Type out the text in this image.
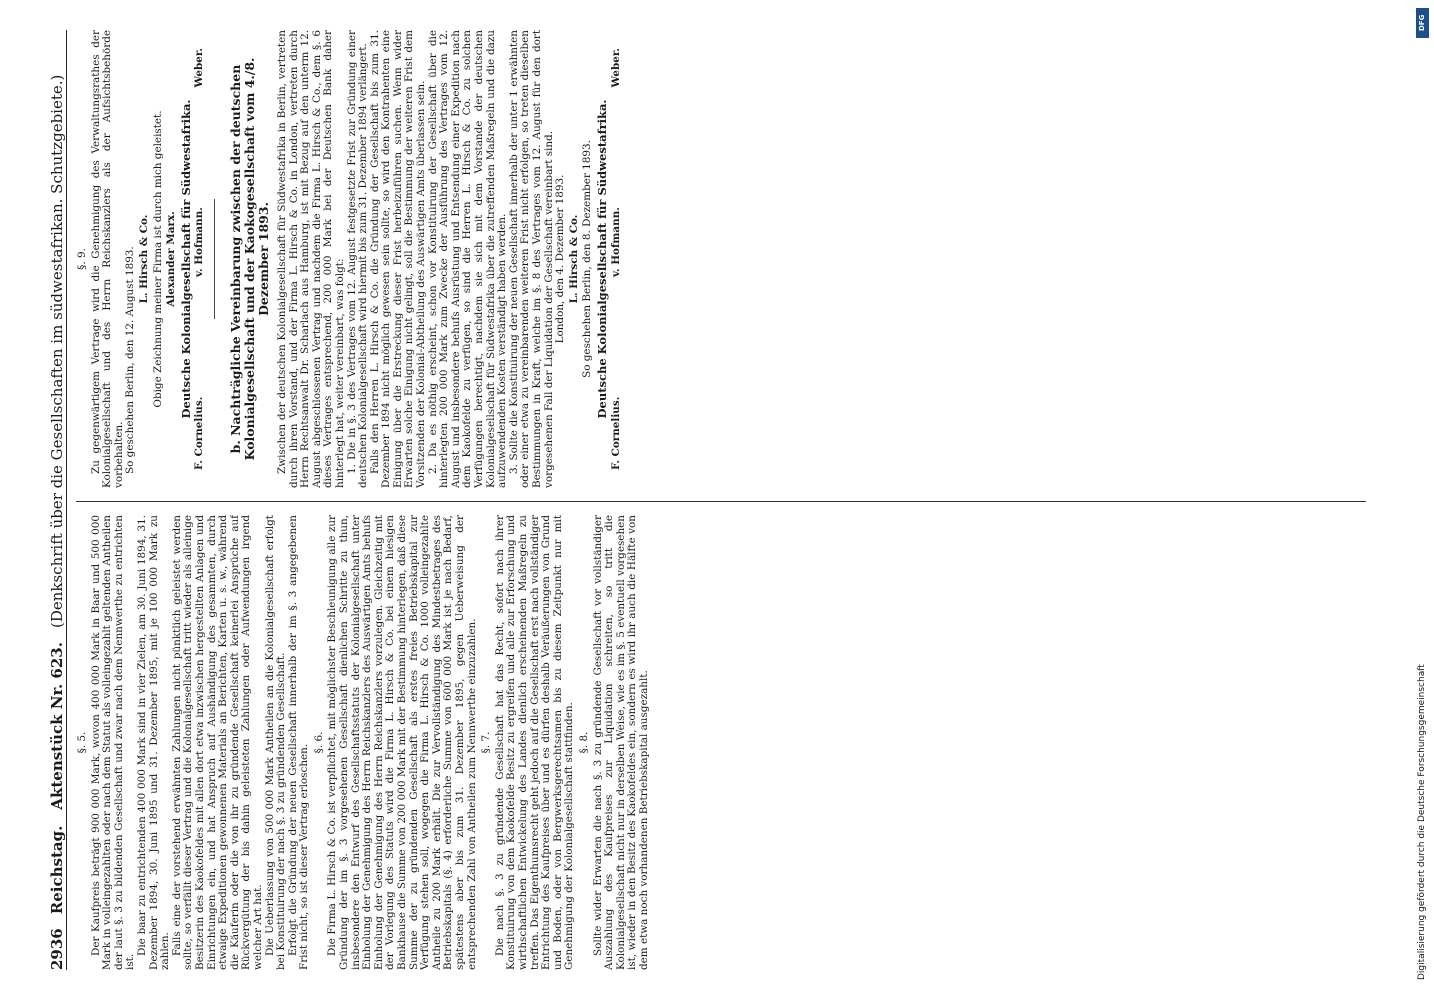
2936
Reichstag.
Aktenstück Nr. 623.
(Denkschrift über die Gesellschaften im südwestafrikan. Schutzgebiete.)
§. 5. Der Kaufpreis beträgt 900 000 Mark, wovon 400 000 Mark in Baar und 500 000 Mark in volleingezahlten oder nach dem Statut als volleingezahlt geltenden Antheilen der laut §. 3 zu bildenden Gesellschaft und zwar nach dem Nennwerthe zu entrichten ist.

Die baar zu entrichtenden 400 000 Mark sind in vier Zielen, am 30. Juni 1894, 31. Dezember 1894, 30. Juni 1895 und 31. Dezember 1895, mit je 100 000 Mark zu zahlen. Falls eine der vorstehend erwähnten Zahlungen nicht pünktlich geleistet werden sollte, so verfällt dieser Vertrag und die Kolonialgesellschaft tritt wieder als alleinige Besitzerin des Kaokofeldes mit allen dort etwa inzwischen hergestellten Anlagen und Einrichtungen ein, und hat Anspruch auf Aushändigung des gesammten, durch etwaige Expeditionen gewonnenen Materials an Berichten, Karten u. s. w., während die Käuferin oder die von ihr zu gründende Gesellschaft keinerlei Ansprüche auf Rückvergütung der bis dahin geleisteten Zahlungen oder Aufwendungen irgend welcher Art hat. Die Ueberlassung von 500 000 Mark Antheilen an die Kolonialgesellschaft erfolgt bei Konstituirung der nach §. 3 zu gründenden Gesellschaft. Erfolgt die Gründung der neuen Gesellschaft innerhalb der im §. 3 angegebenen Frist nicht, so ist dieser Vertrag erloschen.

§. 6. Die Firma L. Hirsch & Co. ist verpflichtet, mit möglichster Beschleunigung alle zur Gründung der im §. 3 vorgesehenen Gesellschaft dienlichen Schritte zu thun, insbesondere den Entwurf des Gesellschaftsstatuts der Kolonialgesellschaft unter Einholung der Genehmigung des Herrn Reichskanzlers des Auswärtigen Amts behufs Einholung der Genehmigung des Herrn Reichskanzlers vorzulegen. Gleichzeitig mit der Vorlegung des Statuts wird die Firma L. Hirsch & Co. bei einem hiesigen Bankhause die Summe von 200 000 Mark mit der Bestimmung hinterlegen, daß diese Summe der zu gründenden Gesellschaft als erstes freies Betriebskapital zur Verfügung stehen soll, wogegen die Firma L. Hirsch & Co. 1000 volleingezahlte Antheile zu 200 Mark erhält. Die zur Vervollständigung des Mindestbetrages des Betriebskapitals (§. 4) erforderliche Summe von 600 000 Mark ist je nach Bedarf, spätestens aber bis zum 31. Dezember 1895, gegen Ueberweisung der entsprechenden Zahl von Antheilen zum Nennwerthe einzuzahlen. §. 7. Die nach §. 3 zu gründende Gesellschaft hat das Recht, sofort nach ihrer Konstituirung von dem Kaokofelde Besitz zu ergreifen und alle zur Erforschung und wirthschaftlichen Entwickelung des Landes dienlich erscheinenden Maßregeln zu treffen. Das Eigenthumsrecht geht jedoch auf die Gesellschaft erst nach vollständiger Entrichtung des Kaufpreises über und es dürfen deshalb Veräußerungen von Grund und Boden, oder von Bergwerksgerechtsamen bis zu diesem Zeitpunkt nur mit Genehmigung der Kolonialgesellschaft stattfinden. §. 8. Sollte wider Erwarten die nach §. 3 zu gründende Gesellschaft vor vollständiger Auszahlung des Kaufpreises zur Liquidation schreiten, so tritt die Kolonialgesellschaft nicht nur in derselben Weise, wie es im §. 5 eventuell vorgesehen ist, wieder in den Besitz des Kaokofeldes ein, sondern es wird ihr auch die Hälfte von dem etwa noch vorhandenen Betriebskapital ausgezahlt.

§. 9. Zu gegenwärtigem Vertrage wird die Genehmigung des Verwaltungsrathes der Kolonialgesellschaft und des Herrn Reichskanzlers als der Aufsichtsbehörde vorbehalten. So geschehen Berlin, den 12. August 1893. L. Hirsch & Co. Obige Zeichnung meiner Firma ist durch mich geleistet. Alexander Marx. Deutsche Kolonialgesellschaft für Südwestafrika.
F. Cornelius.
v. Hofmann.
Weber. b. Nachträgliche Vereinbarung zwischen der deutschen Kolonialgesellschaft und der Kaokogesellschaft vom 4./8. Dezember 1893. Zwischen der deutschen Kolonialgesellschaft für Südwestafrika in Berlin, vertreten durch ihren Vorstand, und der Firma L. Hirsch & Co. in London, vertreten durch Herrn Rechtsanwalt Dr. Scharlach aus Hamburg, ist mit Bezug auf den unterm 12. August abgeschlossenen Vertrag und nachdem die Firma L. Hirsch & Co., dem §. 6 dieses Vertrages entsprechend, 200 000 Mark bei der Deutschen Bank daher hinterlegt hat, weiter vereinbart, was folgt: 1. Die in §. 3 des Vertrages vom 12. August festgesetzte Frist zur Gründung einer deutschen Kolonialgesellschaft wird hiermit bis zum 31. Dezember 1894 verlängert. Falls den Herren L. Hirsch & Co. die Gründung der Gesellschaft bis zum 31. Dezember 1894 nicht möglich gewesen sein sollte, so wird den Kontrahenten eine Einigung über die Erstreckung dieser Frist herbeizuführen suchen. Wenn wider Erwarten solche Einigung nicht gelingt, soll die Bestimmung der weiteren Frist dem Vorsitzenden der Kolonial-Abtheilung des Auswärtigen Amts überlassen sein. 2. Da es nöthig erscheint, schon vor Konstituirung der Gesellschaft über die hinterlegten 200 000 Mark zum Zwecke der Ausführung des Vertrages vom 12. August und insbesondere behufs Ausrüstung und Entsendung einer Expedition nach dem Kaokofelde zu verfügen, so sind die Herren L. Hirsch & Co. zu solchen Verfügungen berechtigt, nachdem sie sich mit dem Vorstande der deutschen Kolonialgesellschaft für Südwestafrika über die zutreffenden Maßregeln und die dazu aufzuwendenden Kosten verständigt haben werden. 3. Sollte die Konstituirung der neuen Gesellschaft innerhalb der unter 1 erwähnten oder einer etwa zu vereinbarenden weiteren Frist nicht erfolgen, so treten dieselben Bestimmungen in Kraft, welche im §. 8 des Vertrages vom 12. August für den dort vorgesehenen Fall der Liquidation der Gesellschaft vereinbart sind. London, den 4. Dezember 1893. L. Hirsch & Co. So geschehen Berlin, den 8. Dezember 1893. Deutsche Kolonialgesellschaft für Südwestafrika.
F. Cornelius.
v. Hofmann.
Weber.
DFG
Digitalisierung gefördert durch die Deutsche Forschungsgemeinschaft
